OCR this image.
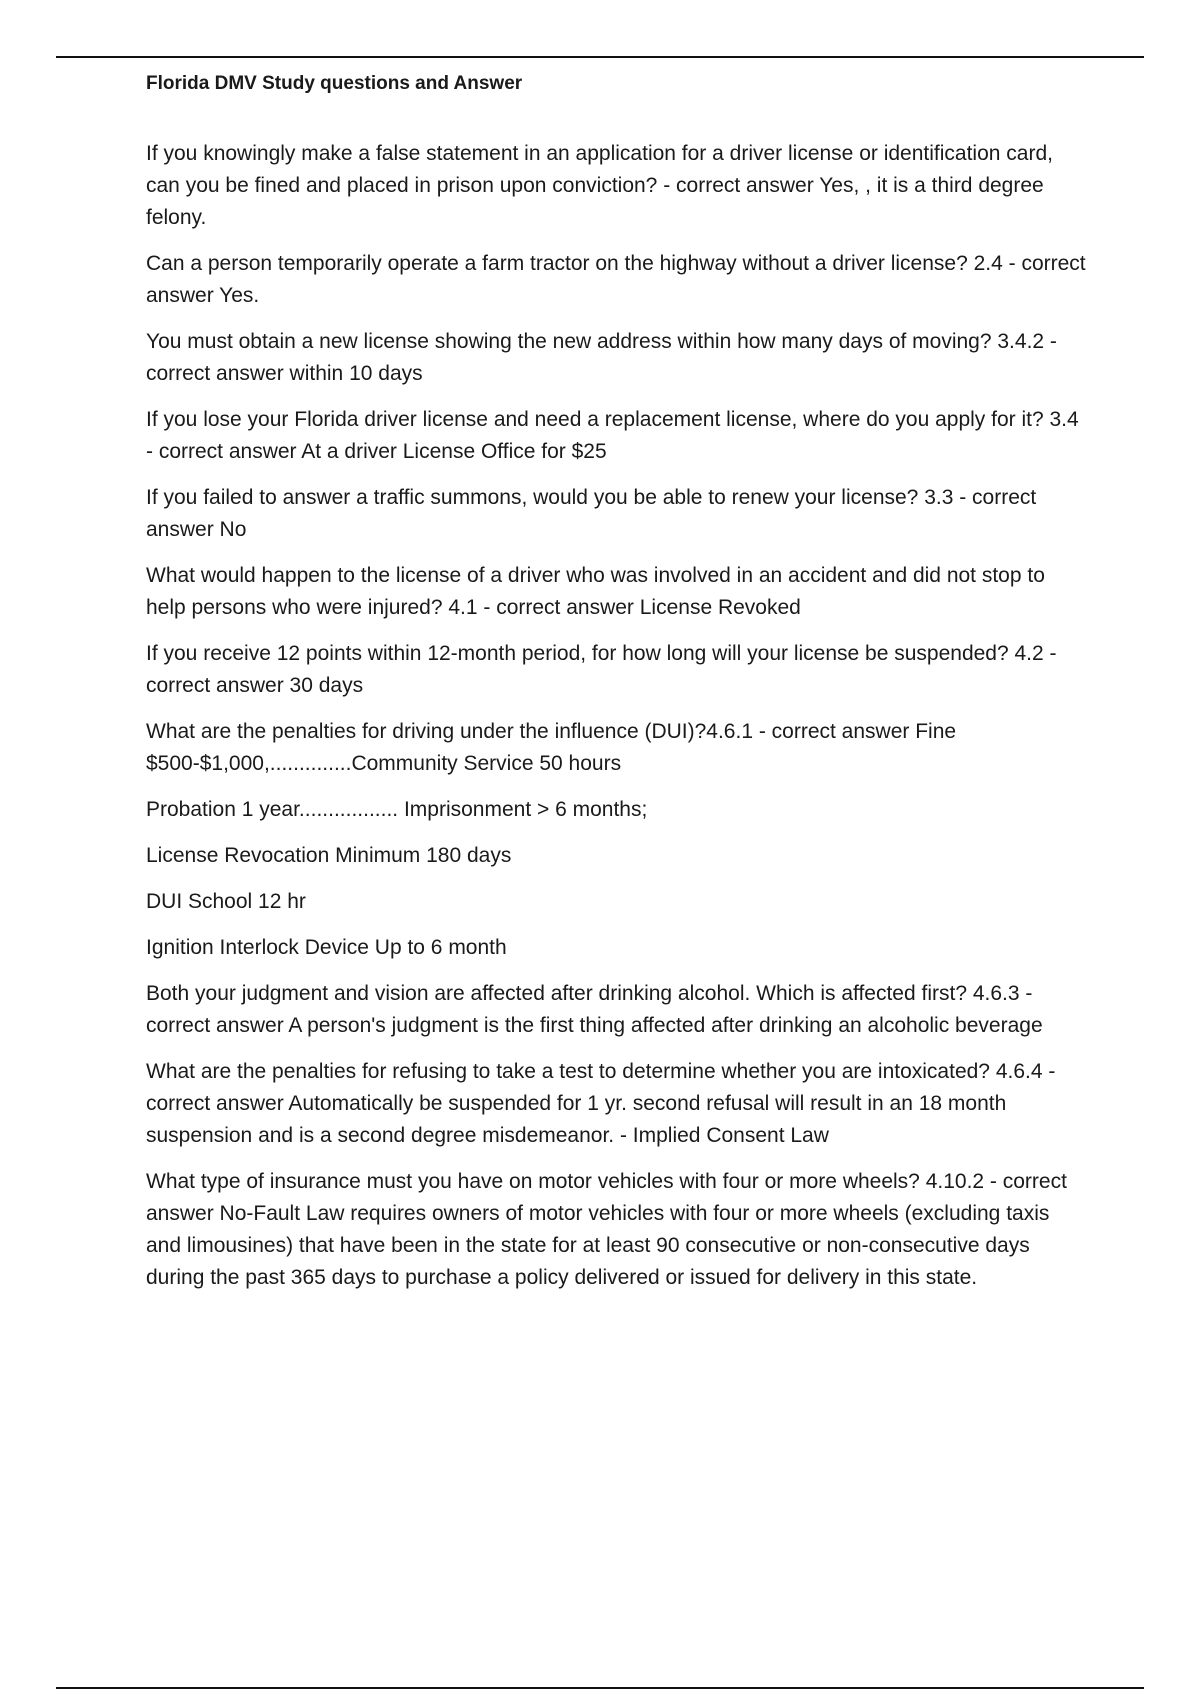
Florida DMV Study questions and Answer

If you knowingly make a false statement in an application for a driver license or identification card, can you be fined and placed in prison upon conviction? - correct answer Yes, , it is a third degree felony.

Can a person temporarily operate a farm tractor on the highway without a driver license? 2.4 - correct answer Yes.

You must obtain a new license showing the new address within how many days of moving? 3.4.2 - correct answer within 10 days

If you lose your Florida driver license and need a replacement license, where do you apply for it? 3.4 - correct answer At a driver License Office for $25

If you failed to answer a traffic summons, would you be able to renew your license? 3.3 - correct answer No

What would happen to the license of a driver who was involved in an accident and did not stop to help persons who were injured? 4.1 - correct answer License Revoked

If you receive 12 points within 12-month period, for how long will your license be suspended? 4.2 - correct answer 30 days

What are the penalties for driving under the influence (DUI)?4.6.1 - correct answer Fine $500-$1,000,..............Community Service 50 hours

Probation 1 year................. Imprisonment > 6 months;

License Revocation Minimum 180 days

DUI School 12 hr

Ignition Interlock Device Up to 6 month

Both your judgment and vision are affected after drinking alcohol. Which is affected first? 4.6.3 - correct answer A person's judgment is the first thing affected after drinking an alcoholic beverage

What are the penalties for refusing to take a test to determine whether you are intoxicated? 4.6.4 - correct answer Automatically be suspended for 1 yr. second refusal will result in an 18 month suspension and is a second degree misdemeanor. - Implied Consent Law

What type of insurance must you have on motor vehicles with four or more wheels? 4.10.2 - correct answer No-Fault Law requires owners of motor vehicles with four or more wheels (excluding taxis and limousines) that have been in the state for at least 90 consecutive or non-consecutive days during the past 365 days to purchase a policy delivered or issued for delivery in this state.
